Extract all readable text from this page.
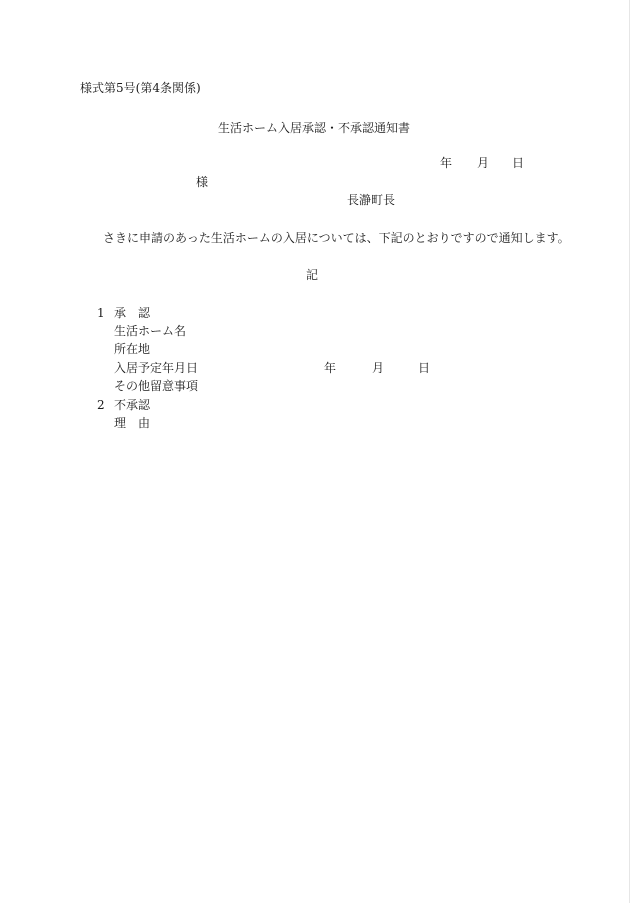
様式第5号(第4条関係)
生活ホーム入居承認・不承認通知書
年 月 日
様
長瀞町長
さきに申請のあった生活ホームの入居については、下記のとおりですので通知します。
記
1 承　認
生活ホーム名
所在地
入居予定年月日	年	月	日
その他留意事項
2 不承認
理　由
